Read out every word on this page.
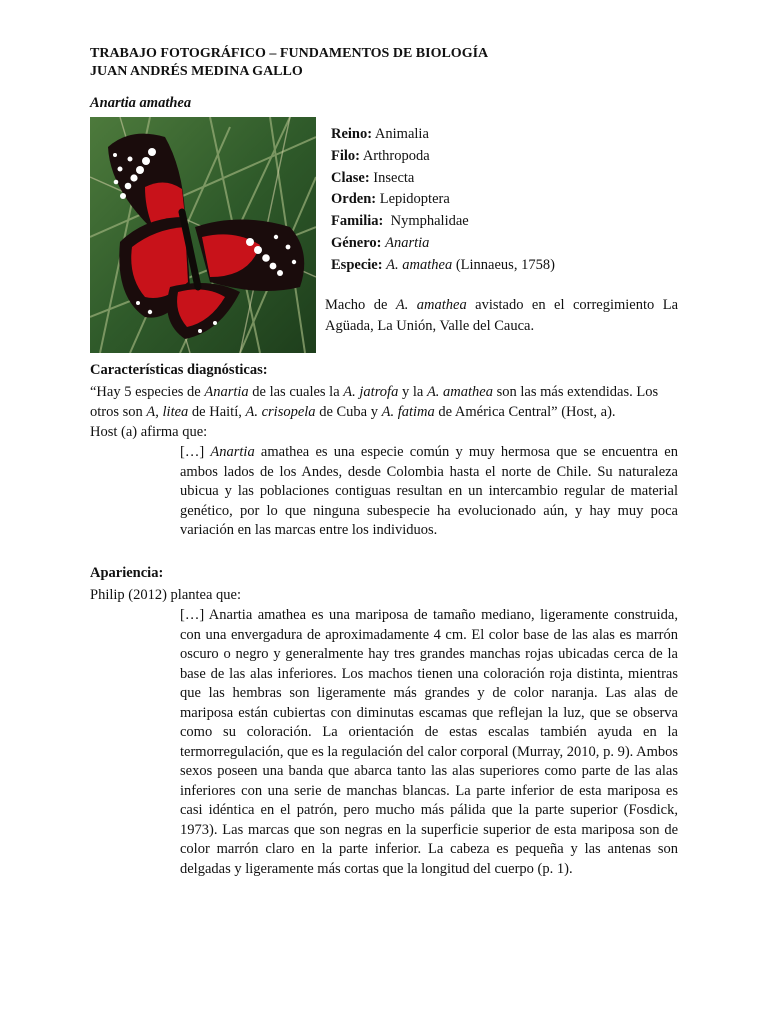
TRABAJO FOTOGRÁFICO – FUNDAMENTOS DE BIOLOGÍA
JUAN ANDRÉS MEDINA GALLO
Anartia amathea
Reino: Animalia
Filo: Arthropoda
Clase: Insecta
Orden: Lepidoptera
Familia: Nymphalidae
Género: Anartia
Especie: A. amathea (Linnaeus, 1758)
Macho de A. amathea avistado en el corregimiento La Agüada, La Unión, Valle del Cauca.
Características diagnósticas:
“Hay 5 especies de Anartia de las cuales la A. jatrofa y la A. amathea son las más extendidas. Los otros son A, litea de Haití, A. crisopela de Cuba y A. fatima de América Central” (Host, a).
Host (a) afirma que:
[…] Anartia amathea es una especie común y muy hermosa que se encuentra en ambos lados de los Andes, desde Colombia hasta el norte de Chile. Su naturaleza ubicua y las poblaciones contiguas resultan en un intercambio regular de material genético, por lo que ninguna subespecie ha evolucionado aún, y hay muy poca variación en las marcas entre los individuos.
Apariencia:
Philip (2012) plantea que:
[…] Anartia amathea es una mariposa de tamaño mediano, ligeramente construida, con una envergadura de aproximadamente 4 cm. El color base de las alas es marrón oscuro o negro y generalmente hay tres grandes manchas rojas ubicadas cerca de la base de las alas inferiores. Los machos tienen una coloración roja distinta, mientras que las hembras son ligeramente más grandes y de color naranja. Las alas de mariposa están cubiertas con diminutas escamas que reflejan la luz, que se observa como su coloración. La orientación de estas escalas también ayuda en la termorregulación, que es la regulación del calor corporal (Murray, 2010, p. 9). Ambos sexos poseen una banda que abarca tanto las alas superiores como parte de las alas inferiores con una serie de manchas blancas. La parte inferior de esta mariposa es casi idéntica en el patrón, pero mucho más pálida que la parte superior (Fosdick, 1973). Las marcas que son negras en la superficie superior de esta mariposa son de color marrón claro en la parte inferior. La cabeza es pequeña y las antenas son delgadas y ligeramente más cortas que la longitud del cuerpo (p. 1).
